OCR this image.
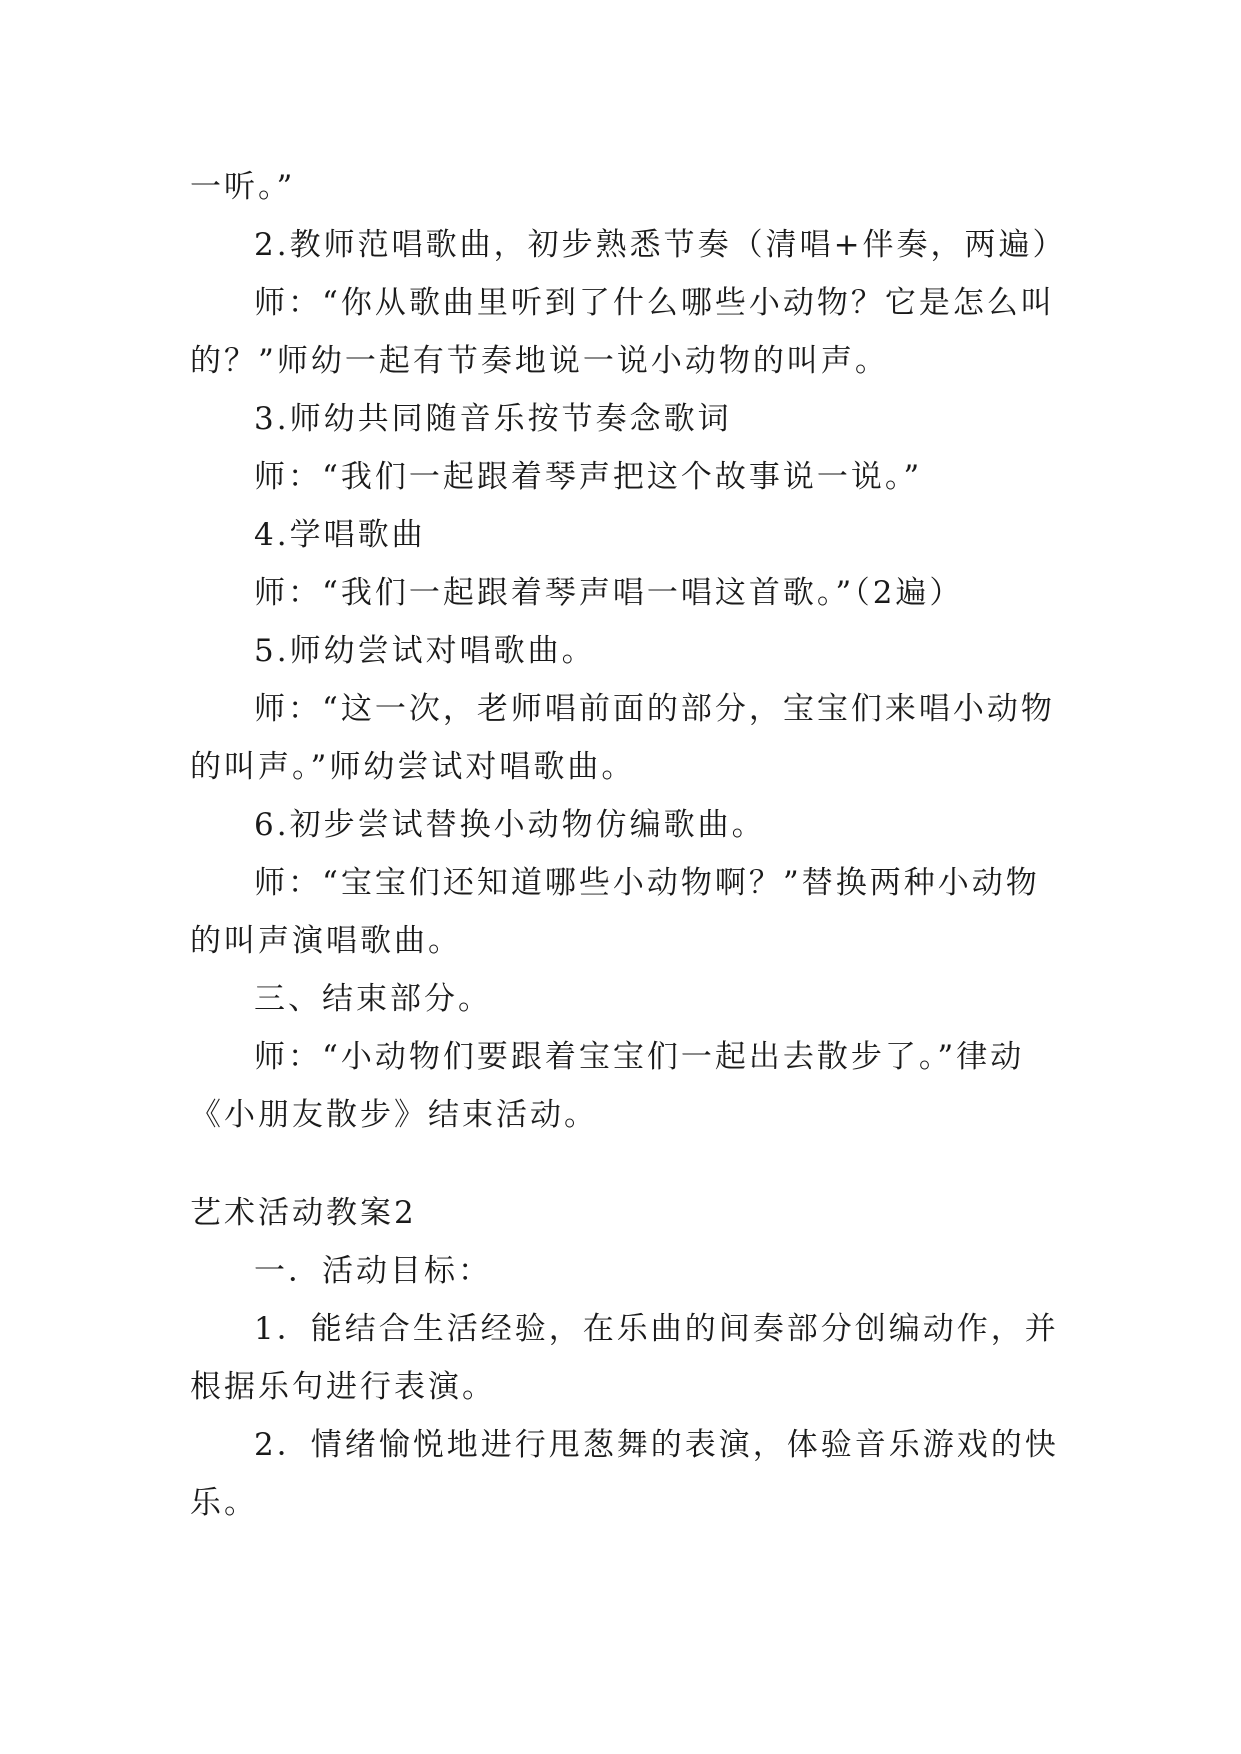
一听。”

2.教师范唱歌曲，初步熟悉节奏（清唱+伴奏，两遍）

师：“你从歌曲里听到了什么哪些小动物？它是怎么叫

的？”师幼一起有节奏地说一说小动物的叫声。

3.师幼共同随音乐按节奏念歌词

师：“我们一起跟着琴声把这个故事说一说。”

4.学唱歌曲

师：“我们一起跟着琴声唱一唱这首歌。”（2遍）

5.师幼尝试对唱歌曲。

师：“这一次，老师唱前面的部分，宝宝们来唱小动物

的叫声。”师幼尝试对唱歌曲。

6.初步尝试替换小动物仿编歌曲。

师：“宝宝们还知道哪些小动物啊？”替换两种小动物

的叫声演唱歌曲。

三、结束部分。

师：“小动物们要跟着宝宝们一起出去散步了。”律动

《小朋友散步》结束活动。

艺术活动教案2

一．活动目标：

1．能结合生活经验，在乐曲的间奏部分创编动作，并

根据乐句进行表演。

2．情绪愉悦地进行甩葱舞的表演，体验音乐游戏的快

乐。
